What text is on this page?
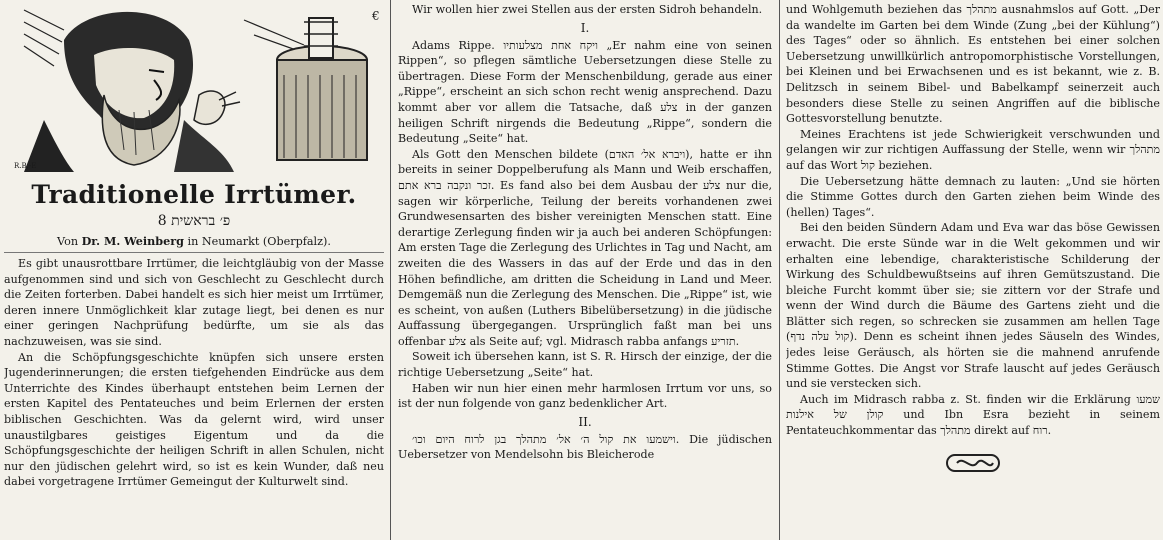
€
R.B.-E
Traditionelle Irrtümer.
8 פ׳ בראשית
Von Dr. M. Weinberg in Neumarkt (Oberpfalz).

Es gibt unausrottbare Irrtümer, die leichtgläubig von der Masse aufgenommen sind und sich von Geschlecht zu Geschlecht durch die Zeiten forterben. Dabei handelt es sich hier meist um Irrtümer, deren innere Unmöglichkeit klar zutage liegt, bei denen es nur einer geringen Nachprüfung bedürfte, um sie als das nachzuweisen, was sie sind.

An die Schöpfungsgeschichte knüpfen sich unsere ersten Jugenderinnerungen; die ersten tiefgehenden Eindrücke aus dem Unterrichte des Kindes überhaupt entstehen beim Lernen der ersten Kapitel des Pentateuches und beim Erlernen der ersten biblischen Geschichten. Was da gelernt wird, wird unser unaustilgbares geistiges Eigentum und da die Schöpfungsgeschichte der heiligen Schrift in allen Schulen, nicht nur den jüdischen gelehrt wird, so ist es kein Wunder, daß neu dabei vorgetragene Irrtümer Gemeingut der Kulturwelt sind.

Wir wollen hier zwei Stellen aus der ersten Sidroh behandeln.

I.

Adams Rippe. ויקח אחת מצלעותיו „Er nahm eine von seinen Rippen“, so pflegen sämtliche Uebersetzungen diese Stelle zu übertragen. Diese Form der Menschenbildung, gerade aus einer „Rippe“, erscheint an sich schon recht wenig ansprechend. Dazu kommt aber vor allem die Tatsache, daß צלע in der ganzen heiligen Schrift nirgends die Bedeutung „Rippe“, sondern die Bedeutung „Seite“ hat.

Als Gott den Menschen bildete (ויברא אל׳ האדם), hatte er ihn bereits in seiner Doppelberufung als Mann und Weib erschaffen, זכר ונקבה ברא אתם. Es fand also bei dem Ausbau der צלע nur die, sagen wir körperliche, Teilung der bereits vorhandenen zwei Grundwesensarten des bisher vereinigten Menschen statt. Eine derartige Zerlegung finden wir ja auch bei anderen Schöpfungen: Am ersten Tage die Zerlegung des Urlichtes in Tag und Nacht, am zweiten die des Wassers in das auf der Erde und das in den Höhen befindliche, am dritten die Scheidung in Land und Meer. Demgemäß nun die Zerlegung des Menschen. Die „Rippe“ ist, wie es scheint, von außen (Luthers Bibelübersetzung) in die jüdische Auffassung übergegangen. Ursprünglich faßt man bei uns offenbar צלע als Seite auf; vgl. Midrasch rabba anfangs תזריע.

Soweit ich übersehen kann, ist S. R. Hirsch der einzige, der die richtige Uebersetzung „Seite“ hat.

Haben wir nun hier einen mehr harmlosen Irrtum vor uns, so ist der nun folgende von ganz bedenklicher Art.

II.

וישמעו את קול ה׳ אל׳ מתהלך בגן לרוח היום וכו׳. Die jüdischen Uebersetzer von Mendelsohn bis Bleicherode

und Wohlgemuth beziehen das מתהלך ausnahmslos auf Gott. „Der da wandelte im Garten bei dem Winde (Zung „bei der Kühlung“) des Tages“ oder so ähnlich. Es entstehen bei einer solchen Uebersetzung unwillkürlich antropomorphistische Vorstellungen, bei Kleinen und bei Erwachsenen und es ist bekannt, wie z. B. Delitzsch in seinem Bibel- und Babelkampf seinerzeit auch besonders diese Stelle zu seinen Angriffen auf die biblische Gottesvorstellung benutzte.

Meines Erachtens ist jede Schwierigkeit verschwunden und gelangen wir zur richtigen Auffassung der Stelle, wenn wir מתהלך auf das Wort קול beziehen.

Die Uebersetzung hätte demnach zu lauten: „Und sie hörten die Stimme Gottes durch den Garten ziehen beim Winde des (hellen) Tages“.

Bei den beiden Sündern Adam und Eva war das böse Gewissen erwacht. Die erste Sünde war in die Welt gekommen und wir erhalten eine lebendige, charakteristische Schilderung der Wirkung des Schuldbewußtseins auf ihren Gemütszustand. Die bleiche Furcht kommt über sie; sie zittern vor der Strafe und wenn der Wind durch die Bäume des Gartens zieht und die Blätter sich regen, so schrecken sie zusammen am hellen Tage (קול עלה נדף). Denn es scheint ihnen jedes Säuseln des Windes, jedes leise Geräusch, als hörten sie die mahnend anrufende Stimme Gottes. Die Angst vor Strafe lauscht auf jedes Geräusch und sie verstecken sich.

Auch im Midrasch rabba z. St. finden wir die Erklärung שמעו קולן של אילנות und Ibn Esra bezieht in seinem Pentateuchkommentar das מתהלך direkt auf רוח.
